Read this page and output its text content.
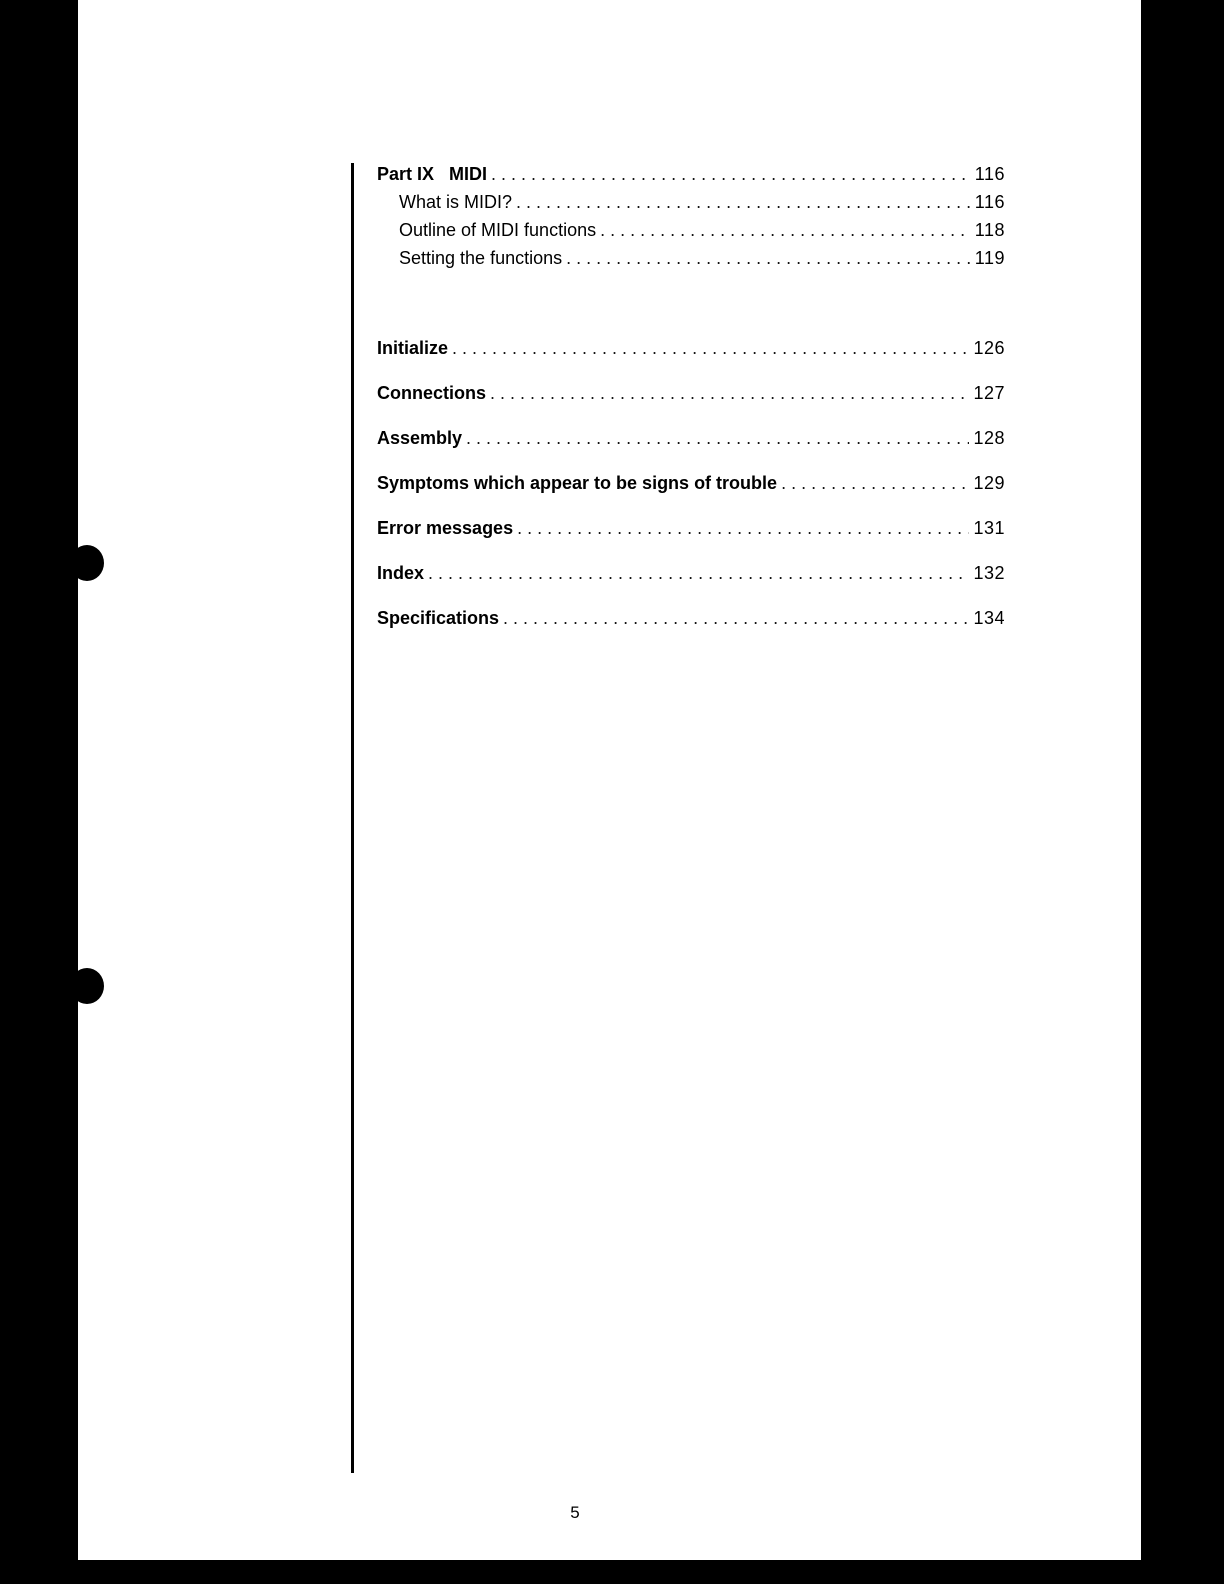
Part IX   MIDI . . .	116
What is MIDI? . . .	116
Outline of MIDI functions . . .	118
Setting the functions . . .	119
Initialize . . .	126
Connections . . .	127
Assembly . . .	128
Symptoms which appear to be signs of trouble . . .	129
Error messages . . .	131
Index . . .	132
Specifications . . .	134
5
